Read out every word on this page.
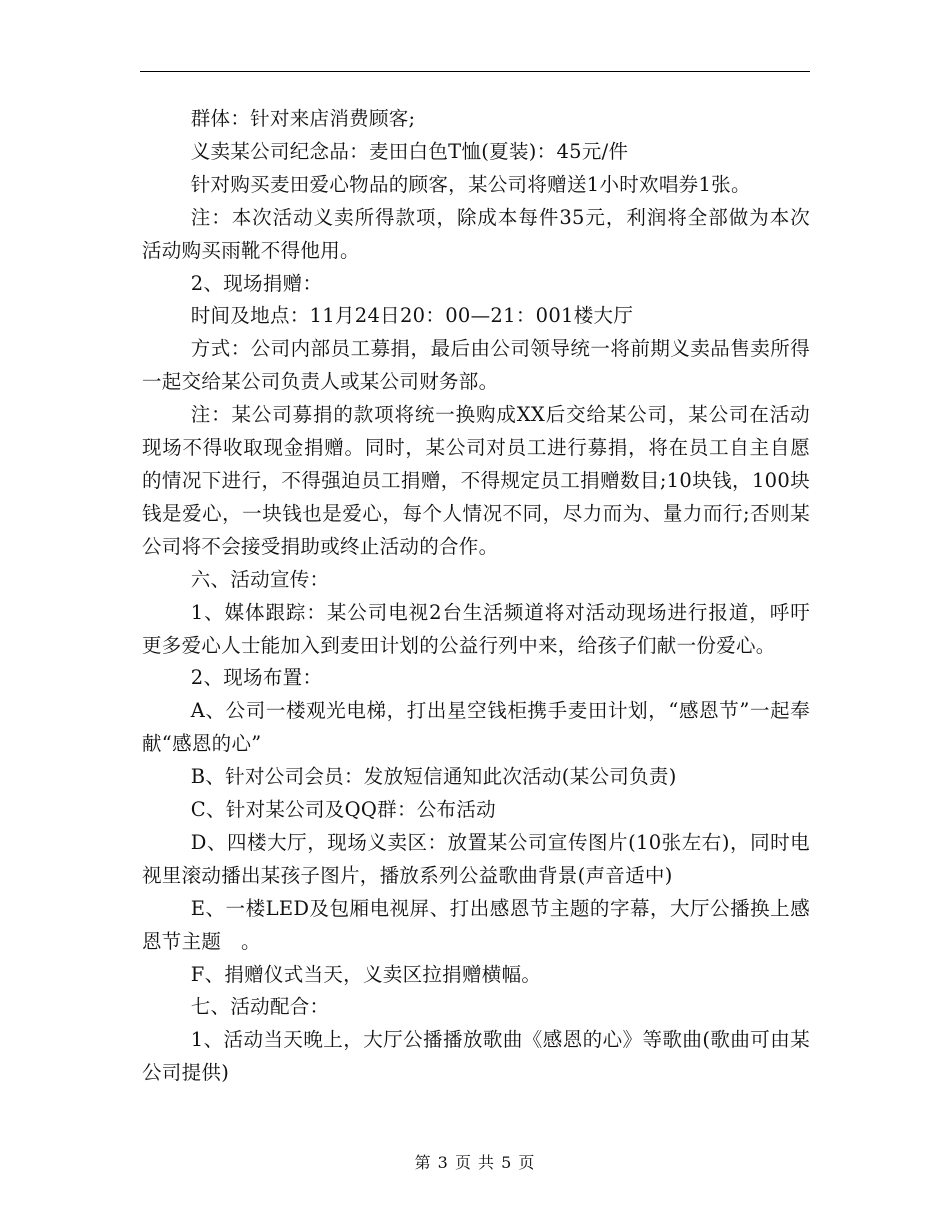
群体：针对来店消费顾客;

义卖某公司纪念品：麦田白色T恤(夏装)：45元/件

针对购买麦田爱心物品的顾客，某公司将赠送1小时欢唱券1张。

注：本次活动义卖所得款项，除成本每件35元，利润将全部做为本次活动购买雨靴不得他用。

2、现场捐赠：

时间及地点：11月24日20：00—21：001楼大厅

方式：公司内部员工募捐，最后由公司领导统一将前期义卖品售卖所得一起交给某公司负责人或某公司财务部。

注：某公司募捐的款项将统一换购成XX后交给某公司，某公司在活动现场不得收取现金捐赠。同时，某公司对员工进行募捐，将在员工自主自愿的情况下进行，不得强迫员工捐赠，不得规定员工捐赠数目;10块钱，100块钱是爱心，一块钱也是爱心，每个人情况不同，尽力而为、量力而行;否则某公司将不会接受捐助或终止活动的合作。

六、活动宣传：

1、媒体跟踪：某公司电视2台生活频道将对活动现场进行报道，呼吁更多爱心人士能加入到麦田计划的公益行列中来，给孩子们献一份爱心。

2、现场布置：

A、公司一楼观光电梯，打出星空钱柜携手麦田计划，“感恩节”一起奉献“感恩的心”

B、针对公司会员：发放短信通知此次活动(某公司负责)

C、针对某公司及QQ群：公布活动

D、四楼大厅，现场义卖区：放置某公司宣传图片(10张左右)，同时电视里滚动播出某孩子图片，播放系列公益歌曲背景(声音适中)

E、一楼LED及包厢电视屏、打出感恩节主题的字幕，大厅公播换上感恩节主题　。

F、捐赠仪式当天，义卖区拉捐赠横幅。

七、活动配合：

1、活动当天晚上，大厅公播播放歌曲《感恩的心》等歌曲(歌曲可由某公司提供)

第 3 页 共 5 页
